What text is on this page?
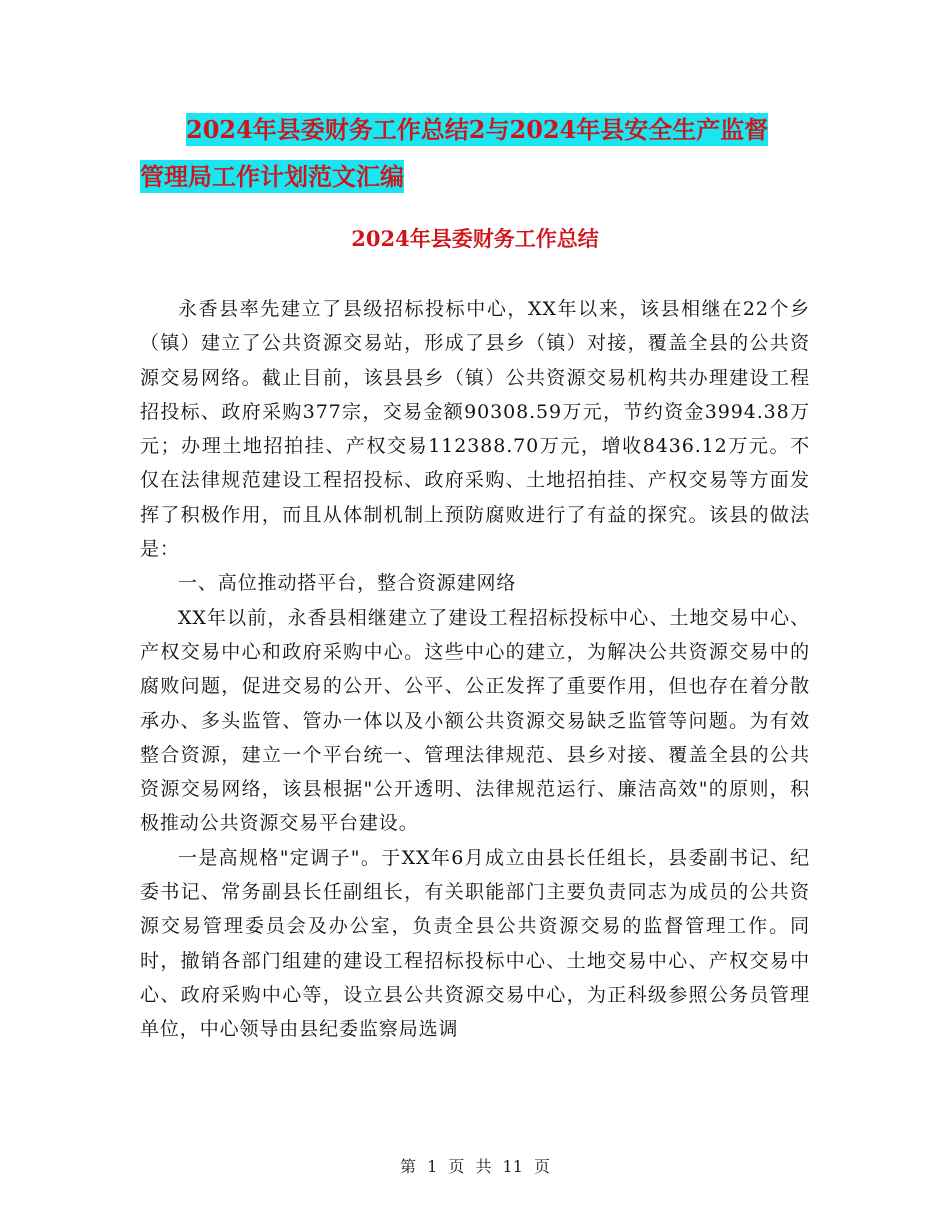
2024年县委财务工作总结2与2024年县安全生产监督
管理局工作计划范文汇编
2024年县委财务工作总结

永香县率先建立了县级招标投标中心，XX年以来，该县相继在22个乡（镇）建立了公共资源交易站，形成了县乡（镇）对接，覆盖全县的公共资源交易网络。截止目前，该县县乡（镇）公共资源交易机构共办理建设工程招投标、政府采购377宗，交易金额90308.59万元，节约资金3994.38万元；办理土地招拍挂、产权交易112388.70万元，增收8436.12万元。不仅在法律规范建设工程招投标、政府采购、土地招拍挂、产权交易等方面发挥了积极作用，而且从体制机制上预防腐败进行了有益的探究。该县的做法是：

一、高位推动搭平台，整合资源建网络

XX年以前，永香县相继建立了建设工程招标投标中心、土地交易中心、产权交易中心和政府采购中心。这些中心的建立，为解决公共资源交易中的腐败问题，促进交易的公开、公平、公正发挥了重要作用，但也存在着分散承办、多头监管、管办一体以及小额公共资源交易缺乏监管等问题。为有效整合资源，建立一个平台统一、管理法律规范、县乡对接、覆盖全县的公共资源交易网络，该县根据"公开透明、法律规范运行、廉洁高效"的原则，积极推动公共资源交易平台建设。

一是高规格"定调子"。于XX年6月成立由县长任组长，县委副书记、纪委书记、常务副县长任副组长，有关职能部门主要负责同志为成员的公共资源交易管理委员会及办公室，负责全县公共资源交易的监督管理工作。同时，撤销各部门组建的建设工程招标投标中心、土地交易中心、产权交易中心、政府采购中心等，设立县公共资源交易中心，为正科级参照公务员管理单位，中心领导由县纪委监察局选调

第 1 页 共 11 页
